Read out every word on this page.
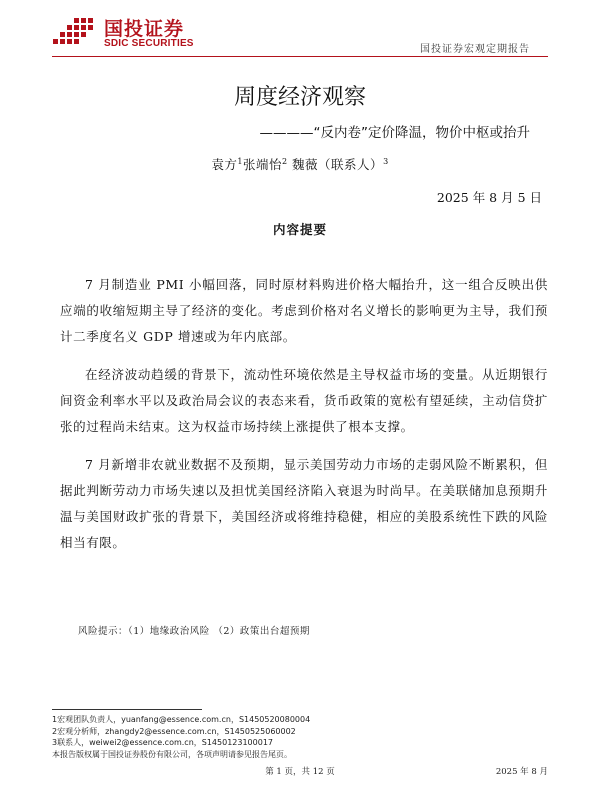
国投证券
SDIC SECURITIES
国投证券宏观定期报告
周度经济观察
————“反内卷”定价降温，物价中枢或抬升
袁方$^1$张端怡$^2$ 魏薇（联系人）$^3$
2025 年 8 月 5 日
内容提要

7 月制造业 PMI 小幅回落，同时原材料购进价格大幅抬升，这一组合反映出供应端的收缩短期主导了经济的变化。考虑到价格对名义增长的影响更为主导，我们预计二季度名义 GDP 增速或为年内底部。

在经济波动趋缓的背景下，流动性环境依然是主导权益市场的变量。从近期银行间资金利率水平以及政治局会议的表态来看，货币政策的宽松有望延续，主动信贷扩张的过程尚未结束。这为权益市场持续上涨提供了根本支撑。

7 月新增非农就业数据不及预期，显示美国劳动力市场的走弱风险不断累积，但据此判断劳动力市场失速以及担忧美国经济陷入衰退为时尚早。在美联储加息预期升温与美国财政扩张的背景下，美国经济或将维持稳健，相应的美股系统性下跌的风险相当有限。

风险提示：（1）地缘政治风险 （2）政策出台超预期
1宏观团队负责人，yuanfang@essence.com.cn，S1450520080004
2宏观分析师，zhangdy2@essence.com.cn，S1450525060002
3联系人，weiwei2@essence.com.cn，S1450123100017
本报告版权属于国投证券股份有限公司，各项声明请参见报告尾页。
第 1 页，共 12 页	2025 年 8 月
